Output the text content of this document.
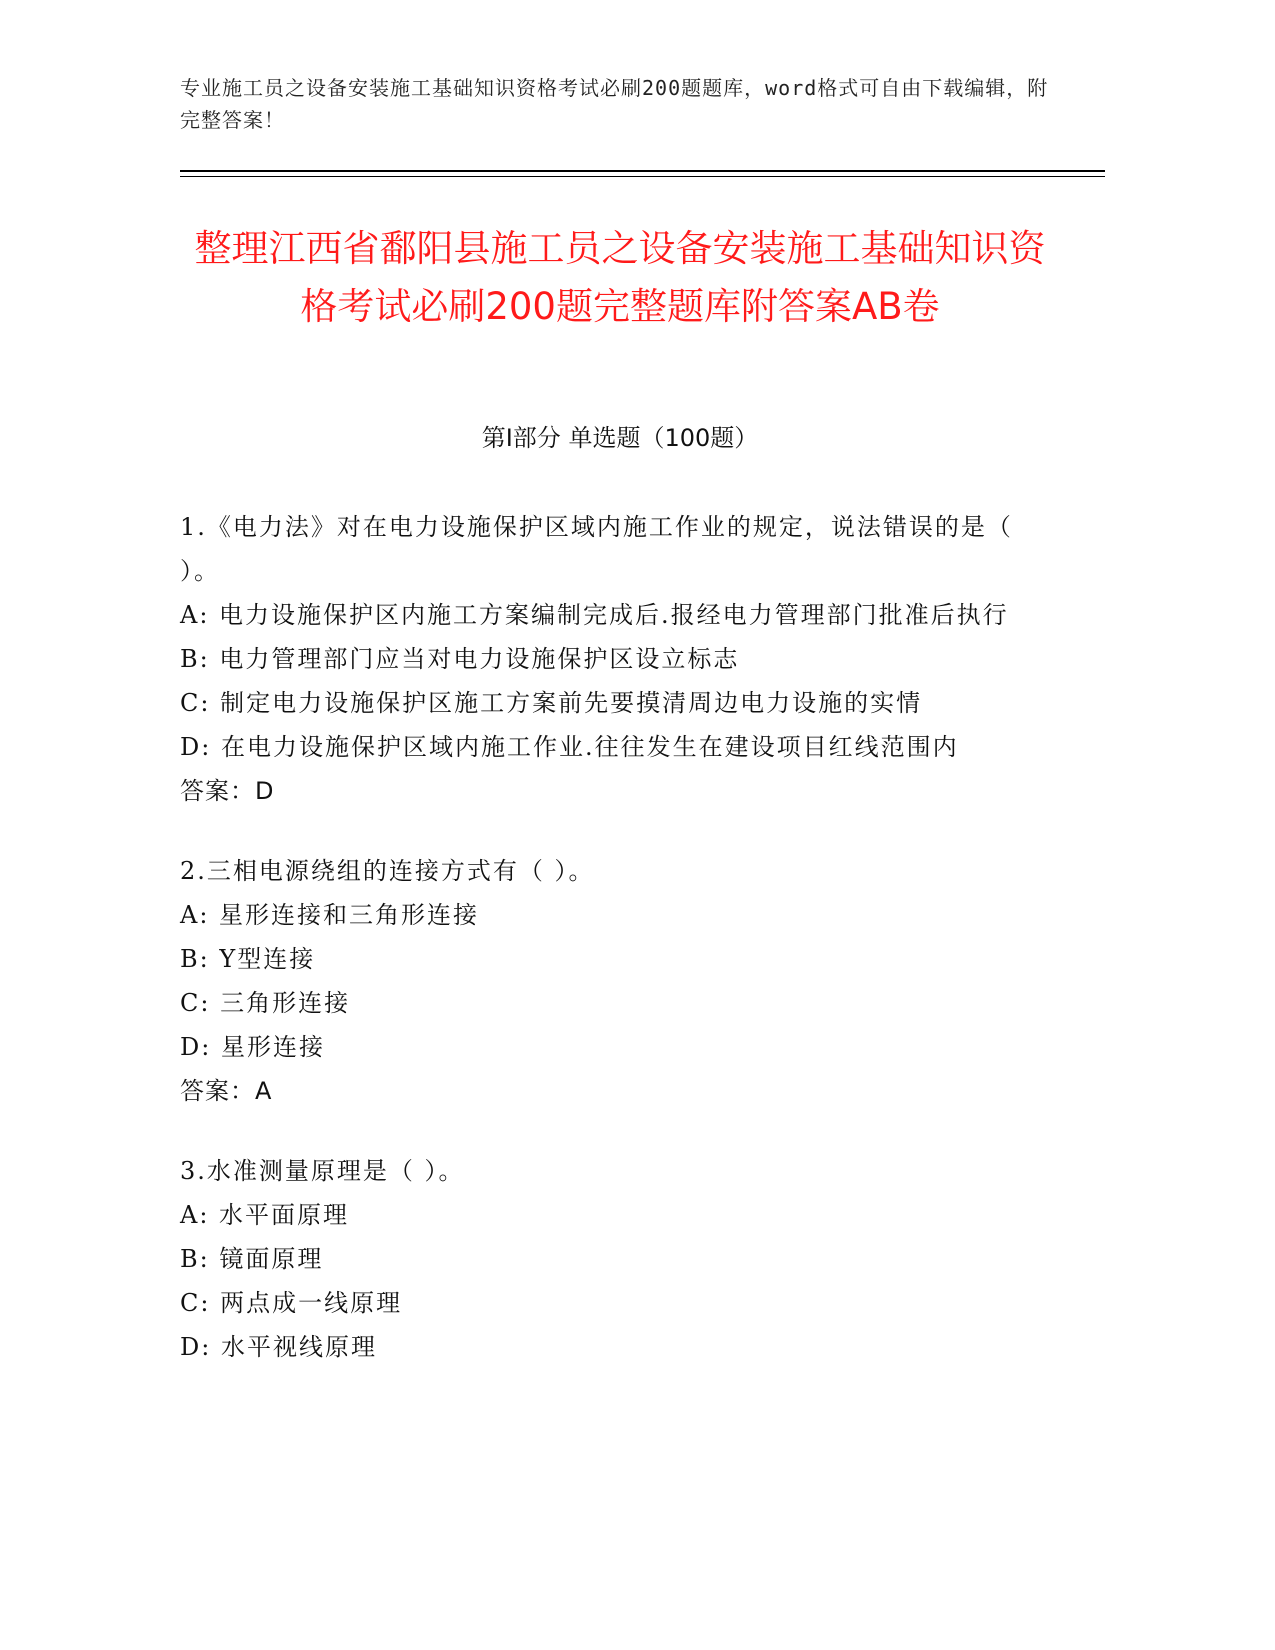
专业施工员之设备安装施工基础知识资格考试必刷200题题库，word格式可自由下载编辑，附完整答案！
整理江西省鄱阳县施工员之设备安装施工基础知识资格考试必刷200题完整题库附答案AB卷
第Ⅰ部分 单选题（100题）
1.《电力法》对在电力设施保护区域内施工作业的规定，说法错误的是（ ）。
A: 电力设施保护区内施工方案编制完成后.报经电力管理部门批准后执行
B: 电力管理部门应当对电力设施保护区设立标志
C: 制定电力设施保护区施工方案前先要摸清周边电力设施的实情
D: 在电力设施保护区域内施工作业.往往发生在建设项目红线范围内
答案：D
2.三相电源绕组的连接方式有（ ）。
A: 星形连接和三角形连接
B: Y型连接
C: 三角形连接
D: 星形连接
答案：A
3.水准测量原理是（ ）。
A: 水平面原理
B: 镜面原理
C: 两点成一线原理
D: 水平视线原理
